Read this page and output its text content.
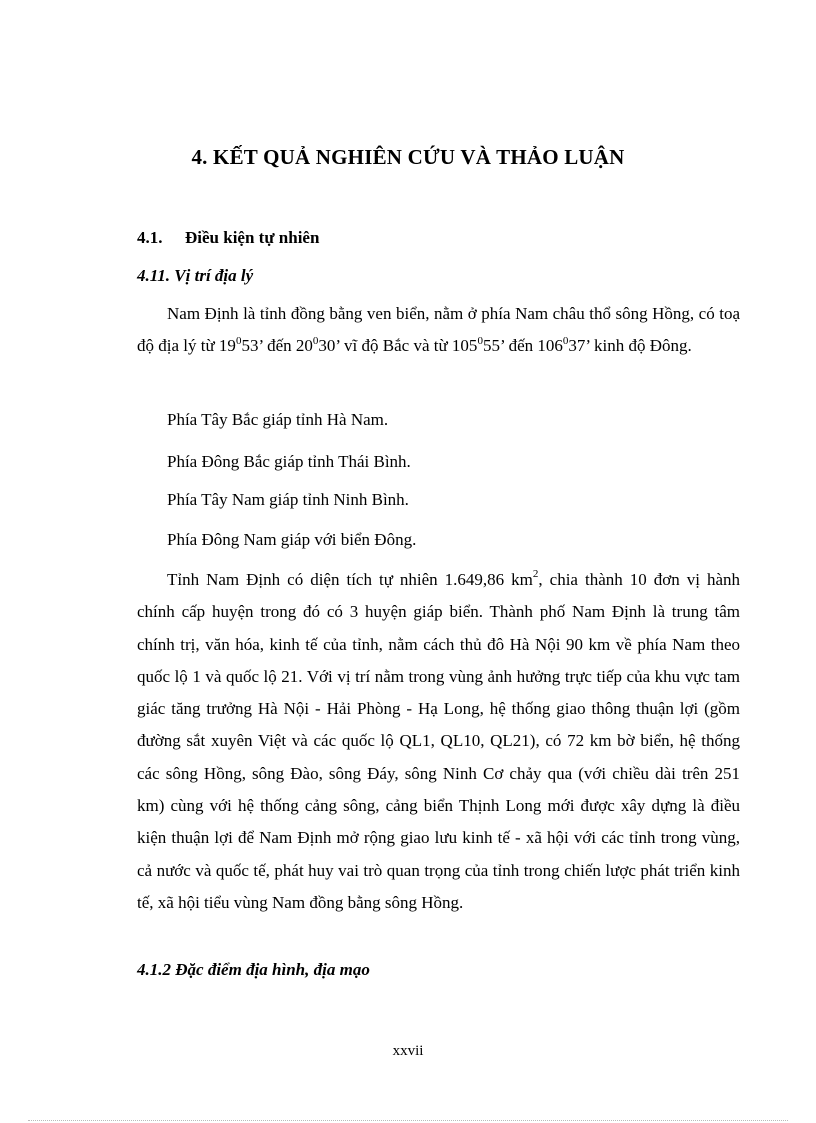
4. KẾT QUẢ NGHIÊN CỨU VÀ THẢO LUẬN
4.1. Điều kiện tự nhiên
4.11. Vị trí địa lý

Nam Định là tỉnh đồng bằng ven biển, nằm ở phía Nam châu thổ sông Hồng, có toạ độ địa lý từ $19^053$’ đến $20^030$’ vĩ độ Bắc và từ $105^055$’ đến $106^037$’ kinh độ Đông.

Phía Tây Bắc giáp tỉnh Hà Nam.
Phía Đông Bắc giáp tỉnh Thái Bình.
Phía Tây Nam giáp tỉnh Ninh Bình.
Phía Đông Nam giáp với biển Đông.

Tỉnh Nam Định có diện tích tự nhiên 1.649,86 $km^2$, chia thành 10 đơn vị hành chính cấp huyện trong đó có 3 huyện giáp biển. Thành phố Nam Định là trung tâm chính trị, văn hóa, kinh tế của tỉnh, nằm cách thủ đô Hà Nội 90 km về phía Nam theo quốc lộ 1 và quốc lộ 21. Với vị trí nằm trong vùng ảnh hưởng trực tiếp của khu vực tam giác tăng trưởng Hà Nội - Hải Phòng - Hạ Long, hệ thống giao thông thuận lợi (gồm đường sắt xuyên Việt và các quốc lộ QL1, QL10, QL21), có 72 km bờ biển, hệ thống các sông Hồng, sông Đào, sông Đáy, sông Ninh Cơ chảy qua (với chiều dài trên 251 km) cùng với hệ thống cảng sông, cảng biển Thịnh Long mới được xây dựng là điều kiện thuận lợi để Nam Định mở rộng giao lưu kinh tế - xã hội với các tỉnh trong vùng, cả nước và quốc tế, phát huy vai trò quan trọng của tỉnh trong chiến lược phát triển kinh tế, xã hội tiểu vùng Nam đồng bằng sông Hồng.

4.1.2 Đặc điểm địa hình, địa mạo
xxvii
